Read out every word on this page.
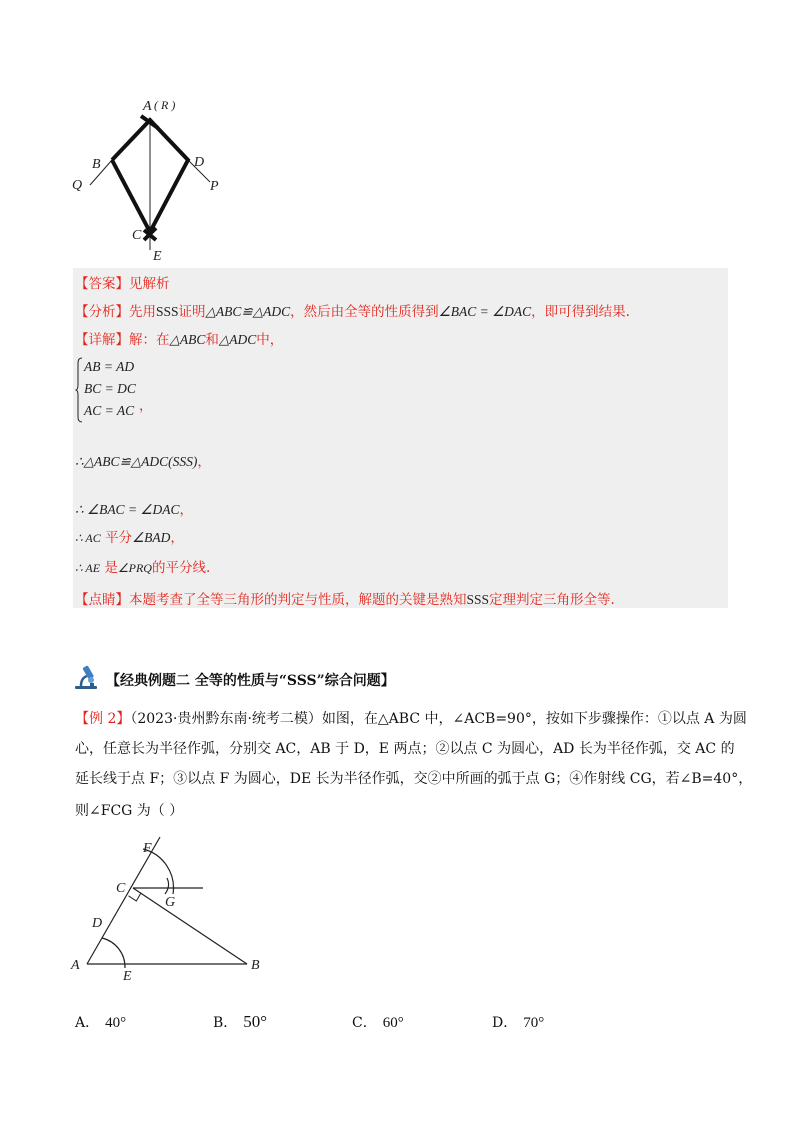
A ( R )
B	D
Q	P
C
E
【答案】见解析
【分析】先用SSS证明△ABC≌△ADC，然后由全等的性质得到∠BAC = ∠DAC，即可得到结果.
【详解】解：在△ABC和△ADC中，
AB = AD
BC = DC
AC = AC ，
∴△ABC≌△ADC(SSS)，
∴ ∠BAC = ∠DAC，
∴ AC 平分∠BAD，
∴ AE 是∠PRQ的平分线.
【点睛】本题考查了全等三角形的判定与性质，解题的关键是熟知SSS定理判定三角形全等.
【经典例题二 全等的性质与“SSS”综合问题】
【例 2】（2023·贵州黔东南·统考二模）如图，在△ABC 中，∠ACB=90°，按如下步骤操作：①以点 A 为圆
心，任意长为半径作弧，分别交 AC，AB 于 D，E 两点；②以点 C 为圆心，AD 长为半径作弧，交 AC 的
延长线于点 F；③以点 F 为圆心，DE 长为半径作弧，交②中所画的弧于点 G；④作射线 CG，若∠B=40°，
则∠FCG 为（ ）
F
C
G
D
A
E
B
A． 40°	B． 50°	C． 60°	D． 70°
